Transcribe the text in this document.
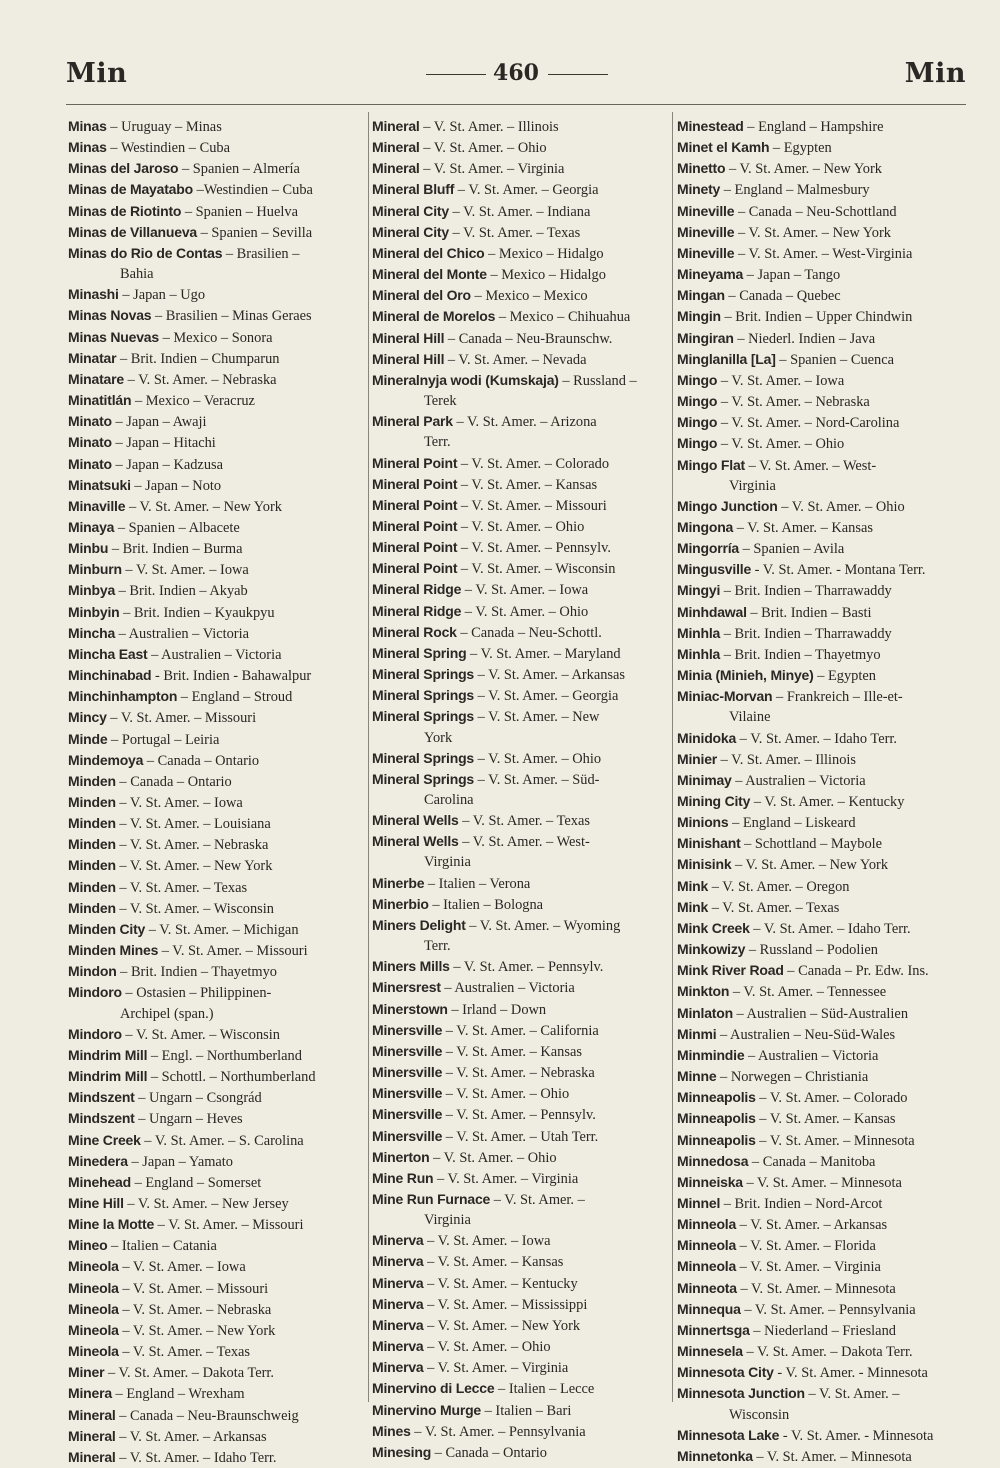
Min	460	Min
Minas – Uruguay – Minas
Minas – Westindien – Cuba
Minas del Jaroso – Spanien – Almería
Minas de Mayatabo –Westindien – Cuba
Minas de Riotinto – Spanien – Huelva
Minas de Villanueva – Spanien – Sevilla
Minas do Rio de Contas – Brasilien –
Bahia
Minashi – Japan – Ugo
Minas Novas – Brasilien – Minas Geraes
Minas Nuevas – Mexico – Sonora
Minatar – Brit. Indien – Chumparun
Minatare – V. St. Amer. – Nebraska
Minatitlán – Mexico – Veracruz
Minato – Japan – Awaji
Minato – Japan – Hitachi
Minato – Japan – Kadzusa
Minatsuki – Japan – Noto
Minaville – V. St. Amer. – New York
Minaya – Spanien – Albacete
Minbu – Brit. Indien – Burma
Minburn – V. St. Amer. – Iowa
Minbya – Brit. Indien – Akyab
Minbyin – Brit. Indien – Kyaukpyu
Mincha – Australien – Victoria
Mincha East – Australien – Victoria
Minchinabad - Brit. Indien - Bahawalpur
Minchinhampton – England – Stroud
Mincy – V. St. Amer. – Missouri
Minde – Portugal – Leiria
Mindemoya – Canada – Ontario
Minden – Canada – Ontario
Minden – V. St. Amer. – Iowa
Minden – V. St. Amer. – Louisiana
Minden – V. St. Amer. – Nebraska
Minden – V. St. Amer. – New York
Minden – V. St. Amer. – Texas
Minden – V. St. Amer. – Wisconsin
Minden City – V. St. Amer. – Michigan
Minden Mines – V. St. Amer. – Missouri
Mindon – Brit. Indien – Thayetmyo
Mindoro – Ostasien – Philippinen-
Archipel (span.)
Mindoro – V. St. Amer. – Wisconsin
Mindrim Mill – Engl. – Northumberland
Mindrim Mill – Schottl. – Northumberland
Mindszent – Ungarn – Csongrád
Mindszent – Ungarn – Heves
Mine Creek – V. St. Amer. – S. Carolina
Minedera – Japan – Yamato
Minehead – England – Somerset
Mine Hill – V. St. Amer. – New Jersey
Mine la Motte – V. St. Amer. – Missouri
Mineo – Italien – Catania
Mineola – V. St. Amer. – Iowa
Mineola – V. St. Amer. – Missouri
Mineola – V. St. Amer. – Nebraska
Mineola – V. St. Amer. – New York
Mineola – V. St. Amer. – Texas
Miner – V. St. Amer. – Dakota Terr.
Minera – England – Wrexham
Mineral – Canada – Neu-Braunschweig
Mineral – V. St. Amer. – Arkansas
Mineral – V. St. Amer. – Idaho Terr.
Mineral – V. St. Amer. – Illinois
Mineral – V. St. Amer. – Ohio
Mineral – V. St. Amer. – Virginia
Mineral Bluff – V. St. Amer. – Georgia
Mineral City – V. St. Amer. – Indiana
Mineral City – V. St. Amer. – Texas
Mineral del Chico – Mexico – Hidalgo
Mineral del Monte – Mexico – Hidalgo
Mineral del Oro – Mexico – Mexico
Mineral de Morelos – Mexico – Chihuahua
Mineral Hill – Canada – Neu-Braunschw.
Mineral Hill – V. St. Amer. – Nevada
Mineralnyja wodi (Kumskaja) – Russland –
Terek
Mineral Park – V. St. Amer. – Arizona
Terr.
Mineral Point – V. St. Amer. – Colorado
Mineral Point – V. St. Amer. – Kansas
Mineral Point – V. St. Amer. – Missouri
Mineral Point – V. St. Amer. – Ohio
Mineral Point – V. St. Amer. – Pennsylv.
Mineral Point – V. St. Amer. – Wisconsin
Mineral Ridge – V. St. Amer. – Iowa
Mineral Ridge – V. St. Amer. – Ohio
Mineral Rock – Canada – Neu-Schottl.
Mineral Spring – V. St. Amer. – Maryland
Mineral Springs – V. St. Amer. – Arkansas
Mineral Springs – V. St. Amer. – Georgia
Mineral Springs – V. St. Amer. – New
York
Mineral Springs – V. St. Amer. – Ohio
Mineral Springs – V. St. Amer. – Süd-
Carolina
Mineral Wells – V. St. Amer. – Texas
Mineral Wells – V. St. Amer. – West-
Virginia
Minerbe – Italien – Verona
Minerbio – Italien – Bologna
Miners Delight – V. St. Amer. – Wyoming
Terr.
Miners Mills – V. St. Amer. – Pennsylv.
Minersrest – Australien – Victoria
Minerstown – Irland – Down
Minersville – V. St. Amer. – California
Minersville – V. St. Amer. – Kansas
Minersville – V. St. Amer. – Nebraska
Minersville – V. St. Amer. – Ohio
Minersville – V. St. Amer. – Pennsylv.
Minersville – V. St. Amer. – Utah Terr.
Minerton – V. St. Amer. – Ohio
Mine Run – V. St. Amer. – Virginia
Mine Run Furnace – V. St. Amer. –
Virginia
Minerva – V. St. Amer. – Iowa
Minerva – V. St. Amer. – Kansas
Minerva – V. St. Amer. – Kentucky
Minerva – V. St. Amer. – Mississippi
Minerva – V. St. Amer. – New York
Minerva – V. St. Amer. – Ohio
Minerva – V. St. Amer. – Virginia
Minervino di Lecce – Italien – Lecce
Minervino Murge – Italien – Bari
Mines – V. St. Amer. – Pennsylvania
Minesing – Canada – Ontario
Minestead – England – Hampshire
Minet el Kamh – Egypten
Minetto – V. St. Amer. – New York
Minety – England – Malmesbury
Mineville – Canada – Neu-Schottland
Mineville – V. St. Amer. – New York
Mineville – V. St. Amer. – West-Virginia
Mineyama – Japan – Tango
Mingan – Canada – Quebec
Mingin – Brit. Indien – Upper Chindwin
Mingiran – Niederl. Indien – Java
Minglanilla [La] – Spanien – Cuenca
Mingo – V. St. Amer. – Iowa
Mingo – V. St. Amer. – Nebraska
Mingo – V. St. Amer. – Nord-Carolina
Mingo – V. St. Amer. – Ohio
Mingo Flat – V. St. Amer. – West-
Virginia
Mingo Junction – V. St. Amer. – Ohio
Mingona – V. St. Amer. – Kansas
Mingorría – Spanien – Avila
Mingusville - V. St. Amer. - Montana Terr.
Mingyi – Brit. Indien – Tharrawaddy
Minhdawal – Brit. Indien – Basti
Minhla – Brit. Indien – Tharrawaddy
Minhla – Brit. Indien – Thayetmyo
Minia (Minieh, Minye) – Egypten
Miniac-Morvan – Frankreich – Ille-et-
Vilaine
Minidoka – V. St. Amer. – Idaho Terr.
Minier – V. St. Amer. – Illinois
Minimay – Australien – Victoria
Mining City – V. St. Amer. – Kentucky
Minions – England – Liskeard
Minishant – Schottland – Maybole
Minisink – V. St. Amer. – New York
Mink – V. St. Amer. – Oregon
Mink – V. St. Amer. – Texas
Mink Creek – V. St. Amer. – Idaho Terr.
Minkowizy – Russland – Podolien
Mink River Road – Canada – Pr. Edw. Ins.
Minkton – V. St. Amer. – Tennessee
Minlaton – Australien – Süd-Australien
Minmi – Australien – Neu-Süd-Wales
Minmindie – Australien – Victoria
Minne – Norwegen – Christiania
Minneapolis – V. St. Amer. – Colorado
Minneapolis – V. St. Amer. – Kansas
Minneapolis – V. St. Amer. – Minnesota
Minnedosa – Canada – Manitoba
Minneiska – V. St. Amer. – Minnesota
Minnel – Brit. Indien – Nord-Arcot
Minneola – V. St. Amer. – Arkansas
Minneola – V. St. Amer. – Florida
Minneola – V. St. Amer. – Virginia
Minneota – V. St. Amer. – Minnesota
Minnequa – V. St. Amer. – Pennsylvania
Minnertsga – Niederland – Friesland
Minnesela – V. St. Amer. – Dakota Terr.
Minnesota City - V. St. Amer. - Minnesota
Minnesota Junction – V. St. Amer. –
Wisconsin
Minnesota Lake - V. St. Amer. - Minnesota
Minnetonka – V. St. Amer. – Minnesota
